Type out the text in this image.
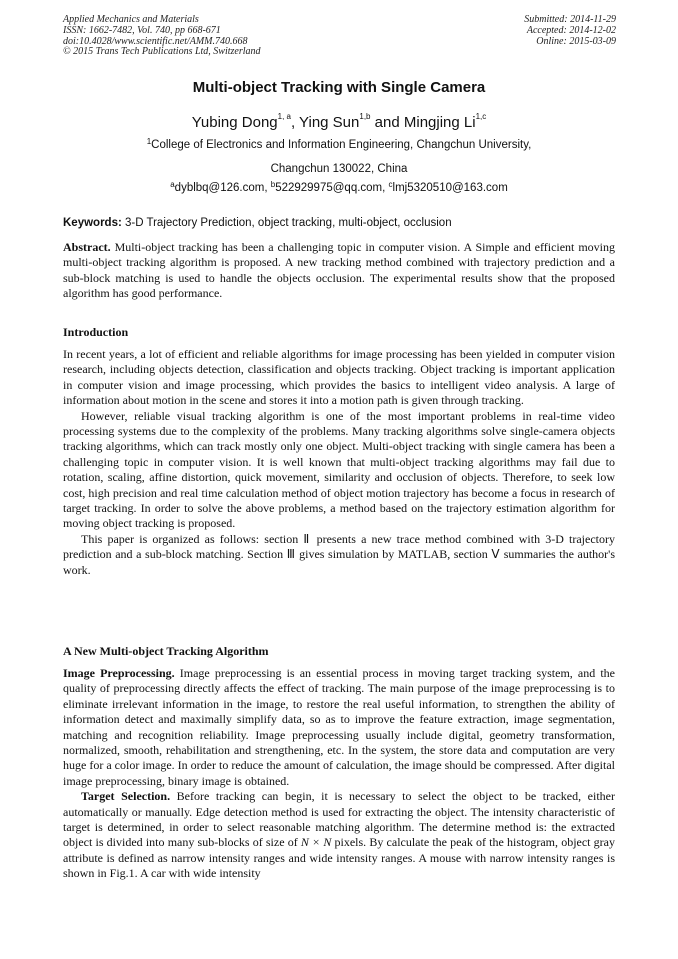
Applied Mechanics and Materials
ISSN: 1662-7482, Vol. 740, pp 668-671
doi:10.4028/www.scientific.net/AMM.740.668
© 2015 Trans Tech Publications Ltd, Switzerland
Submitted: 2014-11-29
Accepted: 2014-12-02
Online: 2015-03-09
Multi-object Tracking with Single Camera
Yubing Dong$^{1, a}$, Ying Sun$^{1,b}$ and Mingjing Li$^{1,c}$
$^1$College of Electronics and Information Engineering, Changchun University,
Changchun 130022, China
$^a$dyblbq@126.com, $^b$522929975@qq.com, $^c$lmj5320510@163.com
Keywords: 3-D Trajectory Prediction, object tracking, multi-object, occlusion

Abstract. Multi-object tracking has been a challenging topic in computer vision. A Simple and efficient moving multi-object tracking algorithm is proposed. A new tracking method combined with trajectory prediction and a sub-block matching is used to handle the objects occlusion. The experimental results show that the proposed algorithm has good performance.

Introduction

In recent years, a lot of efficient and reliable algorithms for image processing has been yielded in computer vision research, including objects detection, classification and objects tracking. Object tracking is important application in computer vision and image processing, which provides the basics to intelligent video analysis. A large of information about motion in the scene and stores it into a motion path is given through tracking.

However, reliable visual tracking algorithm is one of the most important problems in real-time video processing systems due to the complexity of the problems. Many tracking algorithms solve single-camera objects tracking algorithms, which can track mostly only one object. Multi-object tracking with single camera has been a challenging topic in computer vision. It is well known that multi-object tracking algorithms may fail due to rotation, scaling, affine distortion, quick movement, similarity and occlusion of objects. Therefore, to seek low cost, high precision and real time calculation method of object motion trajectory has become a focus in research of target tracking. In order to solve the above problems, a method based on the trajectory estimation algorithm for moving object tracking is proposed.

This paper is organized as follows: section Ⅱ presents a new trace method combined with 3-D trajectory prediction and a sub-block matching. Section Ⅲ gives simulation by MATLAB, section Ⅴ summaries the author's work.

A New Multi-object Tracking Algorithm

Image Preprocessing. Image preprocessing is an essential process in moving target tracking system, and the quality of preprocessing directly affects the effect of tracking. The main purpose of the image preprocessing is to eliminate irrelevant information in the image, to restore the real useful information, to strengthen the ability of information detect and maximally simplify data, so as to improve the feature extraction, image segmentation, matching and recognition reliability. Image preprocessing usually include digital, geometry transformation, normalized, smooth, rehabilitation and strengthening, etc. In the system, the store data and computation are very huge for a color image. In order to reduce the amount of calculation, the image should be compressed. After digital image preprocessing, binary image is obtained.

Target Selection. Before tracking can begin, it is necessary to select the object to be tracked, either automatically or manually. Edge detection method is used for extracting the object. The intensity characteristic of target is determined, in order to select reasonable matching algorithm. The determine method is: the extracted object is divided into many sub-blocks of size of N × N pixels. By calculate the peak of the histogram, object gray attribute is defined as narrow intensity ranges and wide intensity ranges. A mouse with narrow intensity ranges is shown in Fig.1. A car with wide intensity
